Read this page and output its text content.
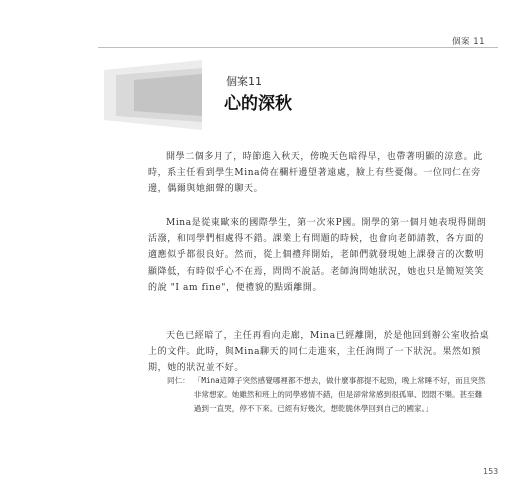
個案 11
個案11
心的深秋

開學二個多月了，時節進入秋天，傍晚天色暗得早，也帶著明顯的涼意。此時，系主任看到學生Mina倚在欄杆邊望著遠處，臉上有些憂傷。一位同仁在旁邊，偶爾與她細聲的聊天。

Mina是從東歐來的國際學生，第一次來P國。開學的第一個月她表現得開朗活潑，和同學們相處得不錯。課業上有問題的時候，也會向老師請教，各方面的適應似乎都很良好。然而，從上個禮拜開始，老師們就發現她上課發言的次數明顯降低，有時似乎心不在焉，問問不說話。老師詢問她狀況，她也只是簡短笑笑的說 "I am fine"，便禮貌的點頭離開。

天色已經暗了，主任再看向走廊，Mina已經離開，於是他回到辦公室收拾桌上的文件。此時，與Mina聊天的同仁走進來，主任詢問了一下狀況。果然如預期，她的狀況並不好。

同仁： 「Mina這陣子突然感覺哪裡都不想去，做什麼事都提不起勁，晚上常睡不好，而且突然非常想家。她雖然和班上的同學感情不錯，但是卻常常感到很孤單、悶悶不樂。甚至難過到一直哭，停不下來。已經有好幾次，想乾脆休學回到自己的國家。」
153
